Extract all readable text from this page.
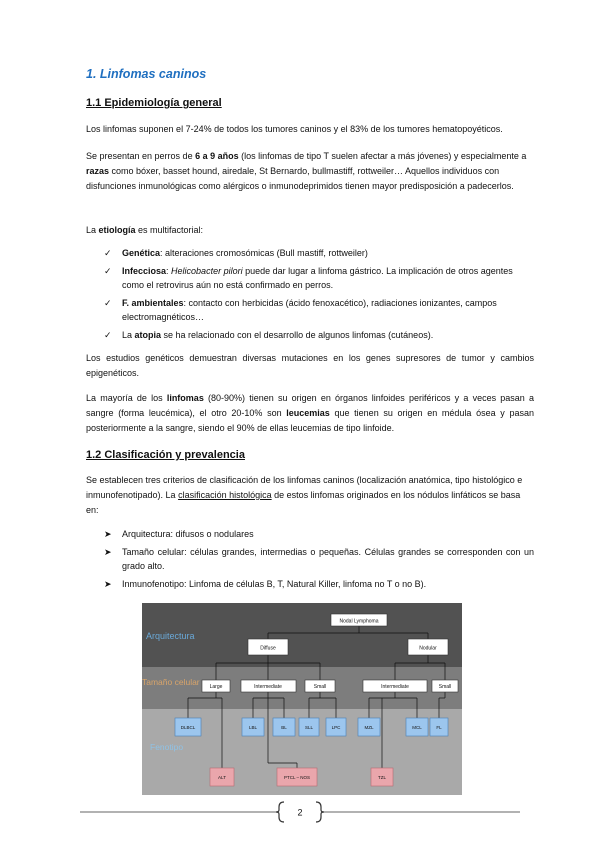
1. Linfomas caninos
1.1 Epidemiología general

Los linfomas suponen el 7-24% de todos los tumores caninos y el 83% de los tumores hematopoyéticos.

Se presentan en perros de 6 a 9 años (los linfomas de tipo T suelen afectar a más jóvenes) y especialmente a razas como bóxer, basset hound, airedale, St Bernardo, bullmastiff, rottweiler… Aquellos individuos con disfunciones inmunológicas como alérgicos o inmunodeprimidos tienen mayor predisposición a padecerlos.

La etiología es multifactorial:

✓ Genética: alteraciones cromosómicas (Bull mastiff, rottweiler)
✓ Infecciosa: Helicobacter pilori puede dar lugar a linfoma gástrico. La implicación de otros agentes como el retrovirus aún no está confirmado en perros.
✓ F. ambientales: contacto con herbicidas (ácido fenoxacético), radiaciones ionizantes, campos electromagnéticos…
✓ La atopia se ha relacionado con el desarrollo de algunos linfomas (cutáneos).

Los estudios genéticos demuestran diversas mutaciones en los genes supresores de tumor y cambios epigenéticos.

La mayoría de los linfomas (80-90%) tienen su origen en órganos linfoides periféricos y a veces pasan a sangre (forma leucémica), el otro 20-10% son leucemias que tienen su origen en médula ósea y pasan posteriormente a la sangre, siendo el 90% de ellas leucemias de tipo linfoide.

1.2 Clasificación y prevalencia

Se establecen tres criterios de clasificación de los linfomas caninos (localización anatómica, tipo histológico e inmunofenotipado). La clasificación histológica de estos linfomas originados en los nódulos linfáticos se basa en:

➤ Arquitectura: difusos o nodulares
➤ Tamaño celular: células grandes, intermedias o pequeñas. Células grandes se corresponden con un grado alto.
➤ Inmunofenotipo: Linfoma de células B, T, Natural Killer, linfoma no T o no B).
Arquitectura
Tamaño celular
Fenotipo
Nodal Lymphoma
Diffuse	Nodular
Large	Intermediate	Small	Intermediate	Small
DLBCL	LBL	BL	SLL	LPC	MZL	MCL	FL
ALT	PTCL – NOS	TZL
2
